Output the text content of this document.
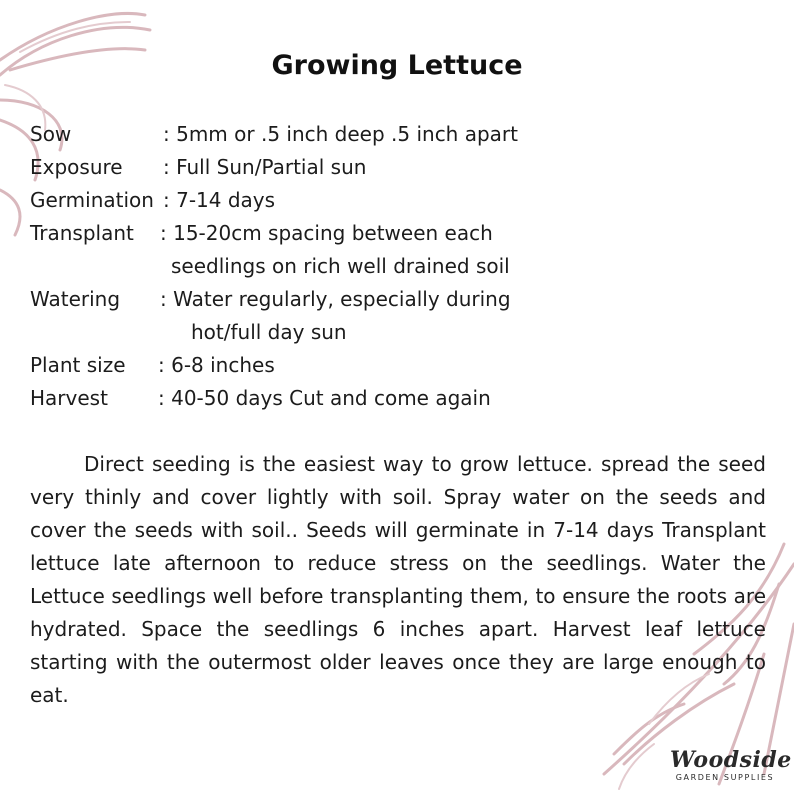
Growing Lettuce
Sow	: 5mm or .5 inch deep .5 inch apart
Exposure	: Full Sun/Partial sun
Germination : 7-14 days
Transplant	: 15-20cm spacing between each
seedlings on rich well drained soil
Watering	: Water regularly, especially during
hot/full day sun
Plant size	: 6-8 inches
Harvest	: 40-50 days Cut and come again
Direct seeding is the easiest way to grow lettuce. spread the seed very thinly and cover lightly with soil. Spray water on the seeds and cover the seeds with soil.. Seeds will germinate in 7-14 days Transplant lettuce late afternoon to reduce stress on the seedlings. Water the Lettuce seedlings well before transplanting them, to ensure the roots are hydrated. Space the seedlings 6 inches apart. Harvest leaf lettuce starting with the outermost older leaves once they are large enough to eat.
Woodside
GARDEN SUPPLIES
